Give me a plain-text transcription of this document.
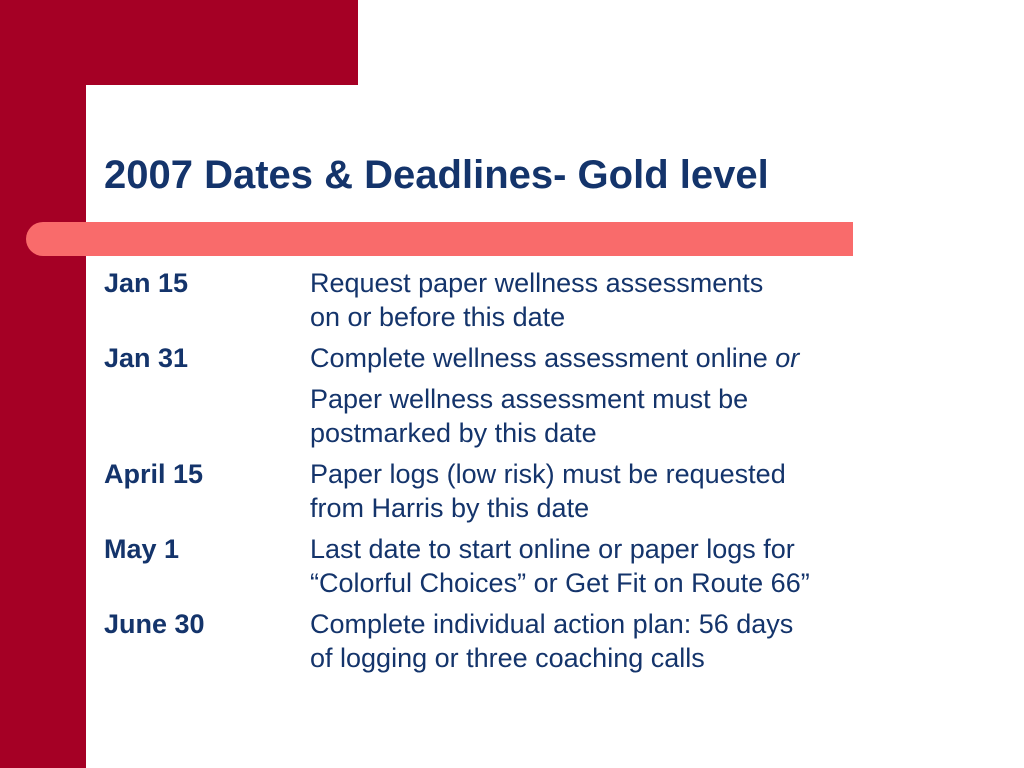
2007 Dates & Deadlines- Gold level
Jan 15	Request paper wellness assessments

on or before this date

Jan 31	Complete wellness assessment online or

Paper wellness assessment must be

postmarked by this date

April 15	Paper logs (low risk) must be requested

from Harris by this date

May 1	Last date to start online or paper logs for

“Colorful Choices” or Get Fit on Route 66”

June 30	Complete individual action plan: 56 days

of logging or three coaching calls
